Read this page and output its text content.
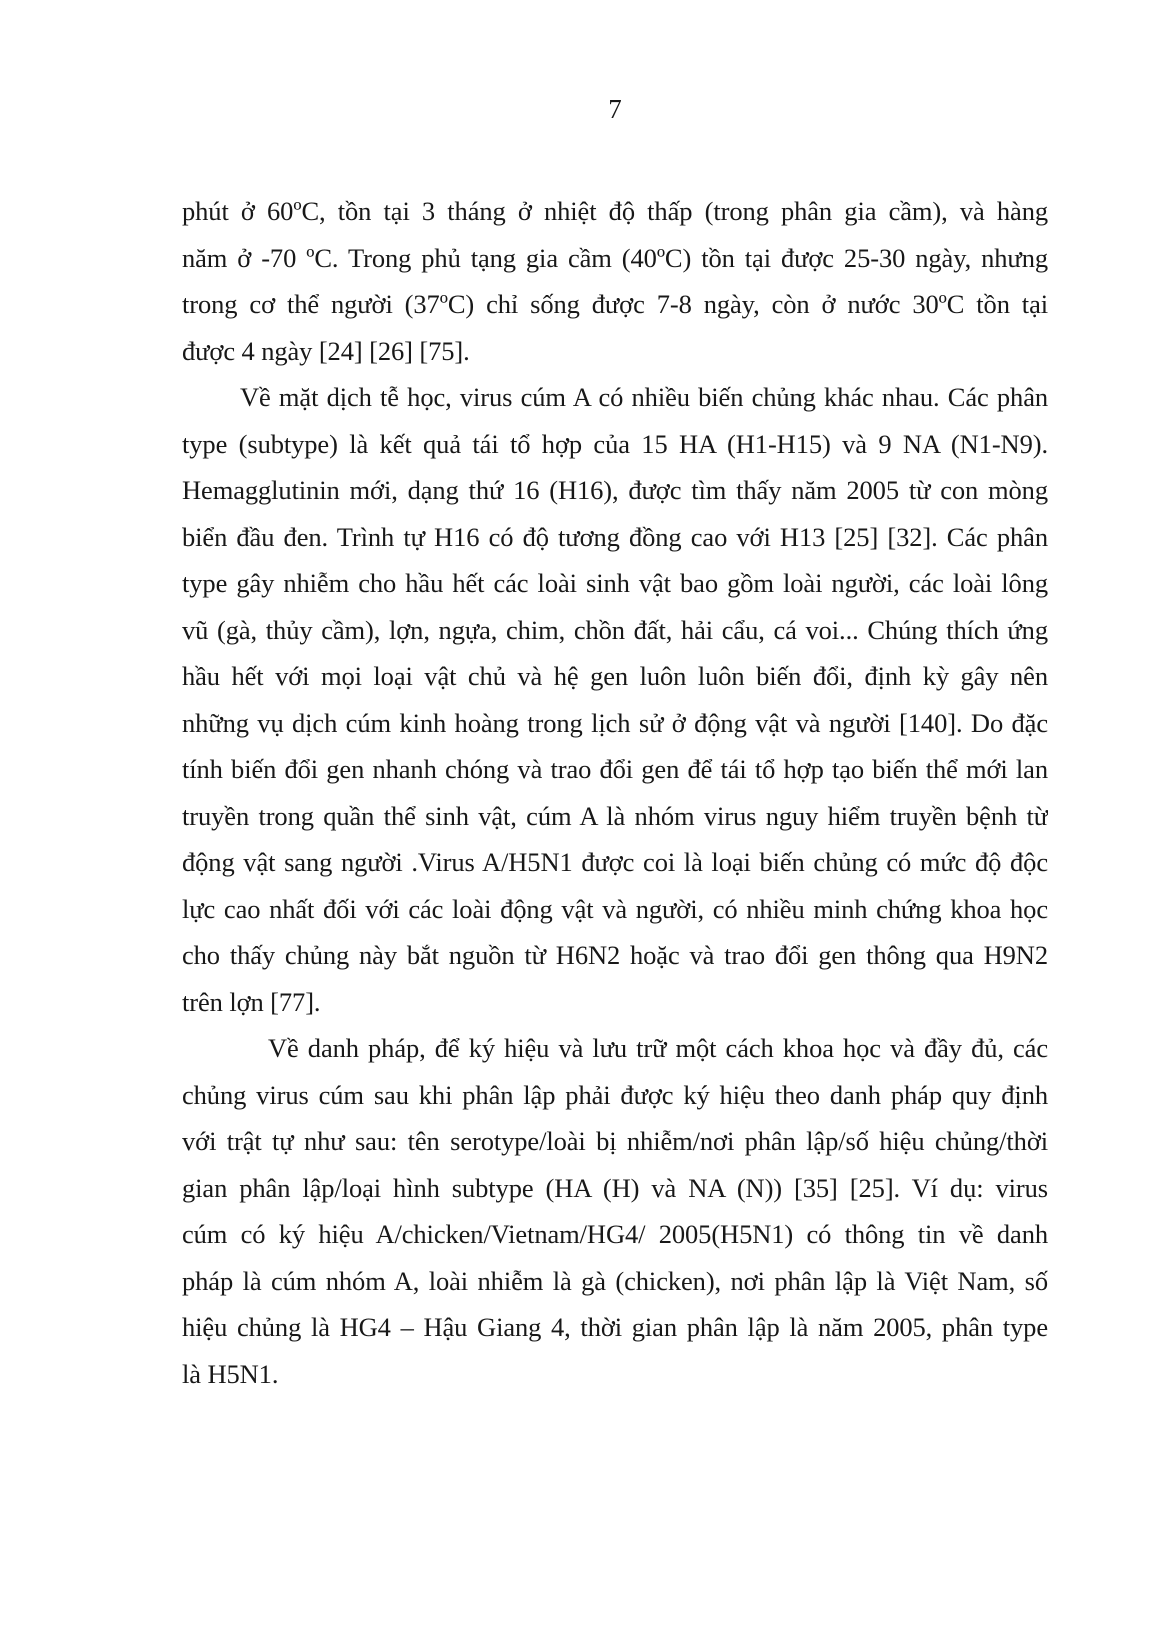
7
phút ở 60ºC, tồn tại 3 tháng ở nhiệt độ thấp (trong phân gia cầm), và hàng
năm ở -70 ºC. Trong phủ tạng gia cầm (40ºC) tồn tại được 25-30 ngày, nhưng
trong cơ thể người (37ºC) chỉ sống được 7-8 ngày, còn ở nước 30ºC tồn tại
được 4 ngày [24] [26] [75].
Về mặt dịch tễ học, virus cúm A có nhiều biến chủng khác nhau. Các phân
type (subtype) là kết quả tái tổ hợp của 15 HA (H1-H15) và 9 NA (N1-N9).
Hemagglutinin mới, dạng thứ 16 (H16), được tìm thấy năm 2005 từ con mòng
biển đầu đen. Trình tự H16 có độ tương đồng cao với H13 [25] [32]. Các phân
type gây nhiễm cho hầu hết các loài sinh vật bao gồm loài người, các loài lông
vũ (gà, thủy cầm), lợn, ngựa, chim, chồn đất, hải cẩu, cá voi... Chúng thích ứng
hầu hết với mọi loại vật chủ và hệ gen luôn luôn biến đổi, định kỳ gây nên
những vụ dịch cúm kinh hoàng trong lịch sử ở động vật và người [140]. Do đặc
tính biến đổi gen nhanh chóng và trao đổi gen để tái tổ hợp tạo biến thể mới lan
truyền trong quần thể sinh vật, cúm A là nhóm virus nguy hiểm truyền bệnh từ
động vật sang người .Virus A/H5N1 được coi là loại biến chủng có mức độ độc
lực cao nhất đối với các loài động vật và người, có nhiều minh chứng khoa học
cho thấy chủng này bắt nguồn từ H6N2 hoặc và trao đổi gen thông qua H9N2
trên lợn [77].
Về danh pháp, để ký hiệu và lưu trữ một cách khoa học và đầy đủ, các
chủng virus cúm sau khi phân lập phải được ký hiệu theo danh pháp quy định
với trật tự như sau: tên serotype/loài bị nhiễm/nơi phân lập/số hiệu chủng/thời
gian phân lập/loại hình subtype (HA (H) và NA (N)) [35] [25]. Ví dụ: virus
cúm có ký hiệu A/chicken/Vietnam/HG4/ 2005(H5N1) có thông tin về danh
pháp là cúm nhóm A, loài nhiễm là gà (chicken), nơi phân lập là Việt Nam, số
hiệu chủng là HG4 – Hậu Giang 4, thời gian phân lập là năm 2005, phân type
là H5N1.
